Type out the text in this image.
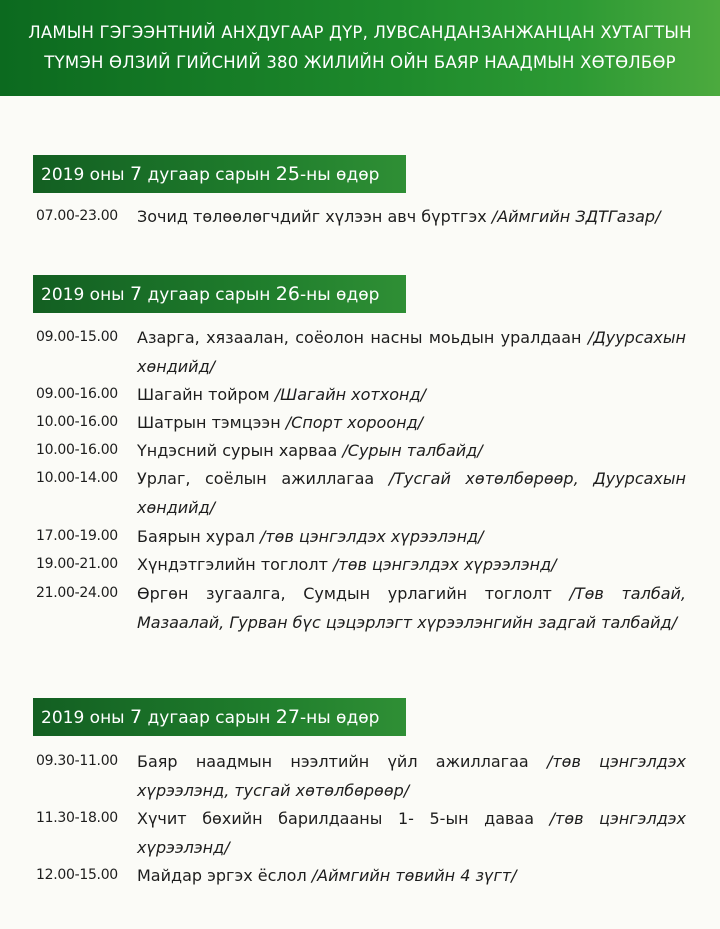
ЛАМЫН ГЭГЭЭНТНИЙ АНХДУГААР ДҮР, ЛУВСАНДАНЗАНЖАНЦАН ХУТАГТЫН
ТҮМЭН ӨЛЗИЙ ГИЙСНИЙ 380 ЖИЛИЙН ОЙН БАЯР НААДМЫН ХӨТӨЛБӨР
2019 оны 7 дугаар сарын 25-ны өдөр
07.00-23.00 Зочид төлөөлөгчдийг хүлээн авч бүртгэх /Аймгийн ЗДТГазар/
2019 оны 7 дугаар сарын 26-ны өдөр
09.00-15.00 Азарга, хязаалан, соёолон насны моьдын уралдаан /Дуурсахын хөндийд/
09.00-16.00 Шагайн тойром /Шагайн хотхонд/
10.00-16.00 Шатрын тэмцээн /Спорт хороонд/
10.00-16.00 Үндэсний сурын харваа /Сурын талбайд/
10.00-14.00 Урлаг, соёлын ажиллагаа /Тусгай хөтөлбөрөөр, Дуурсахын хөндийд/
17.00-19.00 Баярын хурал /төв цэнгэлдэх хүрээлэнд/
19.00-21.00 Хүндэтгэлийн тоглолт /төв цэнгэлдэх хүрээлэнд/
21.00-24.00 Өргөн зугаалга, Сумдын урлагийн тоглолт /Төв талбай, Мазаалай, Гурван бүс цэцэрлэгт хүрээлэнгийн задгай талбайд/
2019 оны 7 дугаар сарын 27-ны өдөр
09.30-11.00 Баяр наадмын нээлтийн үйл ажиллагаа /төв цэнгэлдэх хүрээлэнд, тусгай хөтөлбөрөөр/
11.30-18.00 Хүчит бөхийн барилдааны 1- 5-ын даваа /төв цэнгэлдэх хүрээлэнд/
12.00-15.00 Майдар эргэх ёслол /Аймгийн төвийн 4 зүгт/
